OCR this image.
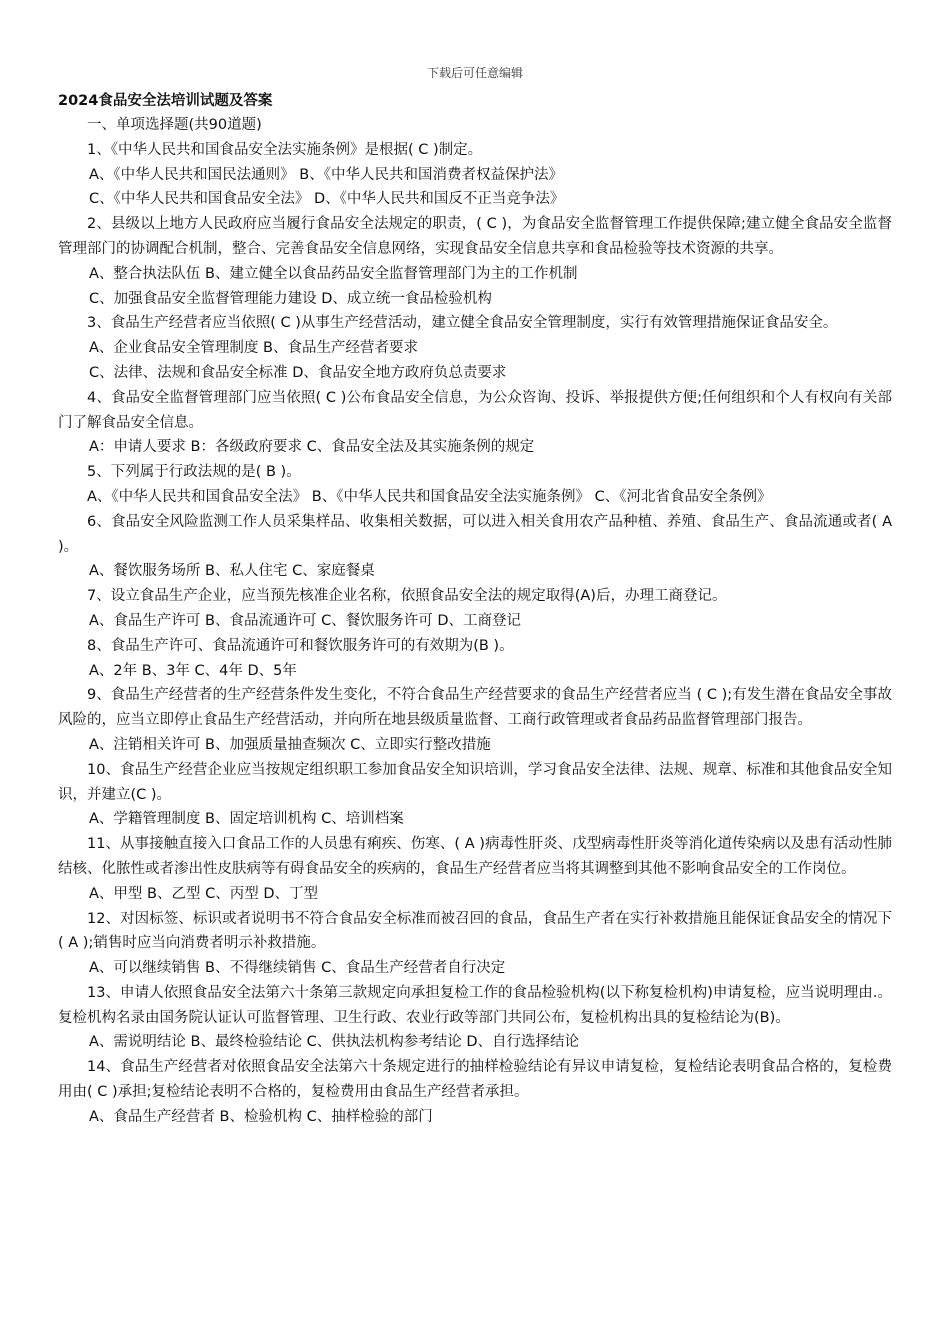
下载后可任意编辑
2024食品安全法培训试题及答案

一、单项选择题(共90道题)

1、《中华人民共和国食品安全法实施条例》是根据( C )制定。

A、《中华人民共和国民法通则》 B、《中华人民共和国消费者权益保护法》

C、《中华人民共和国食品安全法》 D、《中华人民共和国反不正当竞争法》

2、县级以上地方人民政府应当履行食品安全法规定的职责，( C )，为食品安全监督管理工作提供保障;建立健全食品安全监督管理部门的协调配合机制，整合、完善食品安全信息网络，实现食品安全信息共享和食品检验等技术资源的共享。

A、整合执法队伍 B、建立健全以食品药品安全监督管理部门为主的工作机制

C、加强食品安全监督管理能力建设 D、成立统一食品检验机构

3、食品生产经营者应当依照( C )从事生产经营活动，建立健全食品安全管理制度，实行有效管理措施保证食品安全。

A、企业食品安全管理制度 B、食品生产经营者要求

C、法律、法规和食品安全标准 D、食品安全地方政府负总责要求

4、食品安全监督管理部门应当依照( C )公布食品安全信息，为公众咨询、投诉、举报提供方便;任何组织和个人有权向有关部门了解食品安全信息。

A：申请人要求 B：各级政府要求 C、食品安全法及其实施条例的规定

5、下列属于行政法规的是( B )。

A、《中华人民共和国食品安全法》 B、《中华人民共和国食品安全法实施条例》 C、《河北省食品安全条例》

6、食品安全风险监测工作人员采集样品、收集相关数据，可以进入相关食用农产品种植、养殖、食品生产、食品流通或者( A )。

A、餐饮服务场所 B、私人住宅 C、家庭餐桌

7、设立食品生产企业，应当预先核准企业名称，依照食品安全法的规定取得(A)后，办理工商登记。

A、食品生产许可 B、食品流通许可 C、餐饮服务许可 D、工商登记

8、食品生产许可、食品流通许可和餐饮服务许可的有效期为(B )。

A、2年 B、3年 C、4年 D、5年

9、食品生产经营者的生产经营条件发生变化，不符合食品生产经营要求的食品生产经营者应当 ( C );有发生潜在食品安全事故风险的，应当立即停止食品生产经营活动，并向所在地县级质量监督、工商行政管理或者食品药品监督管理部门报告。

A、注销相关许可 B、加强质量抽查频次 C、立即实行整改措施

10、食品生产经营企业应当按规定组织职工参加食品安全知识培训，学习食品安全法律、法规、规章、标准和其他食品安全知识，并建立(C )。

A、学籍管理制度 B、固定培训机构 C、培训档案

11、从事接触直接入口食品工作的人员患有痢疾、伤寒、( A )病毒性肝炎、戊型病毒性肝炎等消化道传染病以及患有活动性肺结核、化脓性或者渗出性皮肤病等有碍食品安全的疾病的，食品生产经营者应当将其调整到其他不影响食品安全的工作岗位。

A、甲型 B、乙型 C、丙型 D、丁型

12、对因标签、标识或者说明书不符合食品安全标准而被召回的食品，食品生产者在实行补救措施且能保证食品安全的情况下( A );销售时应当向消费者明示补救措施。

A、可以继续销售 B、不得继续销售 C、食品生产经营者自行决定

13、申请人依照食品安全法第六十条第三款规定向承担复检工作的食品检验机构(以下称复检机构)申请复检，应当说明理由.。复检机构名录由国务院认证认可监督管理、卫生行政、农业行政等部门共同公布，复检机构出具的复检结论为(B)。

A、需说明结论 B、最终检验结论 C、供执法机构参考结论 D、自行选择结论

14、食品生产经营者对依照食品安全法第六十条规定进行的抽样检验结论有异议申请复检，复检结论表明食品合格的，复检费用由( C )承担;复检结论表明不合格的，复检费用由食品生产经营者承担。

A、食品生产经营者 B、检验机构 C、抽样检验的部门
